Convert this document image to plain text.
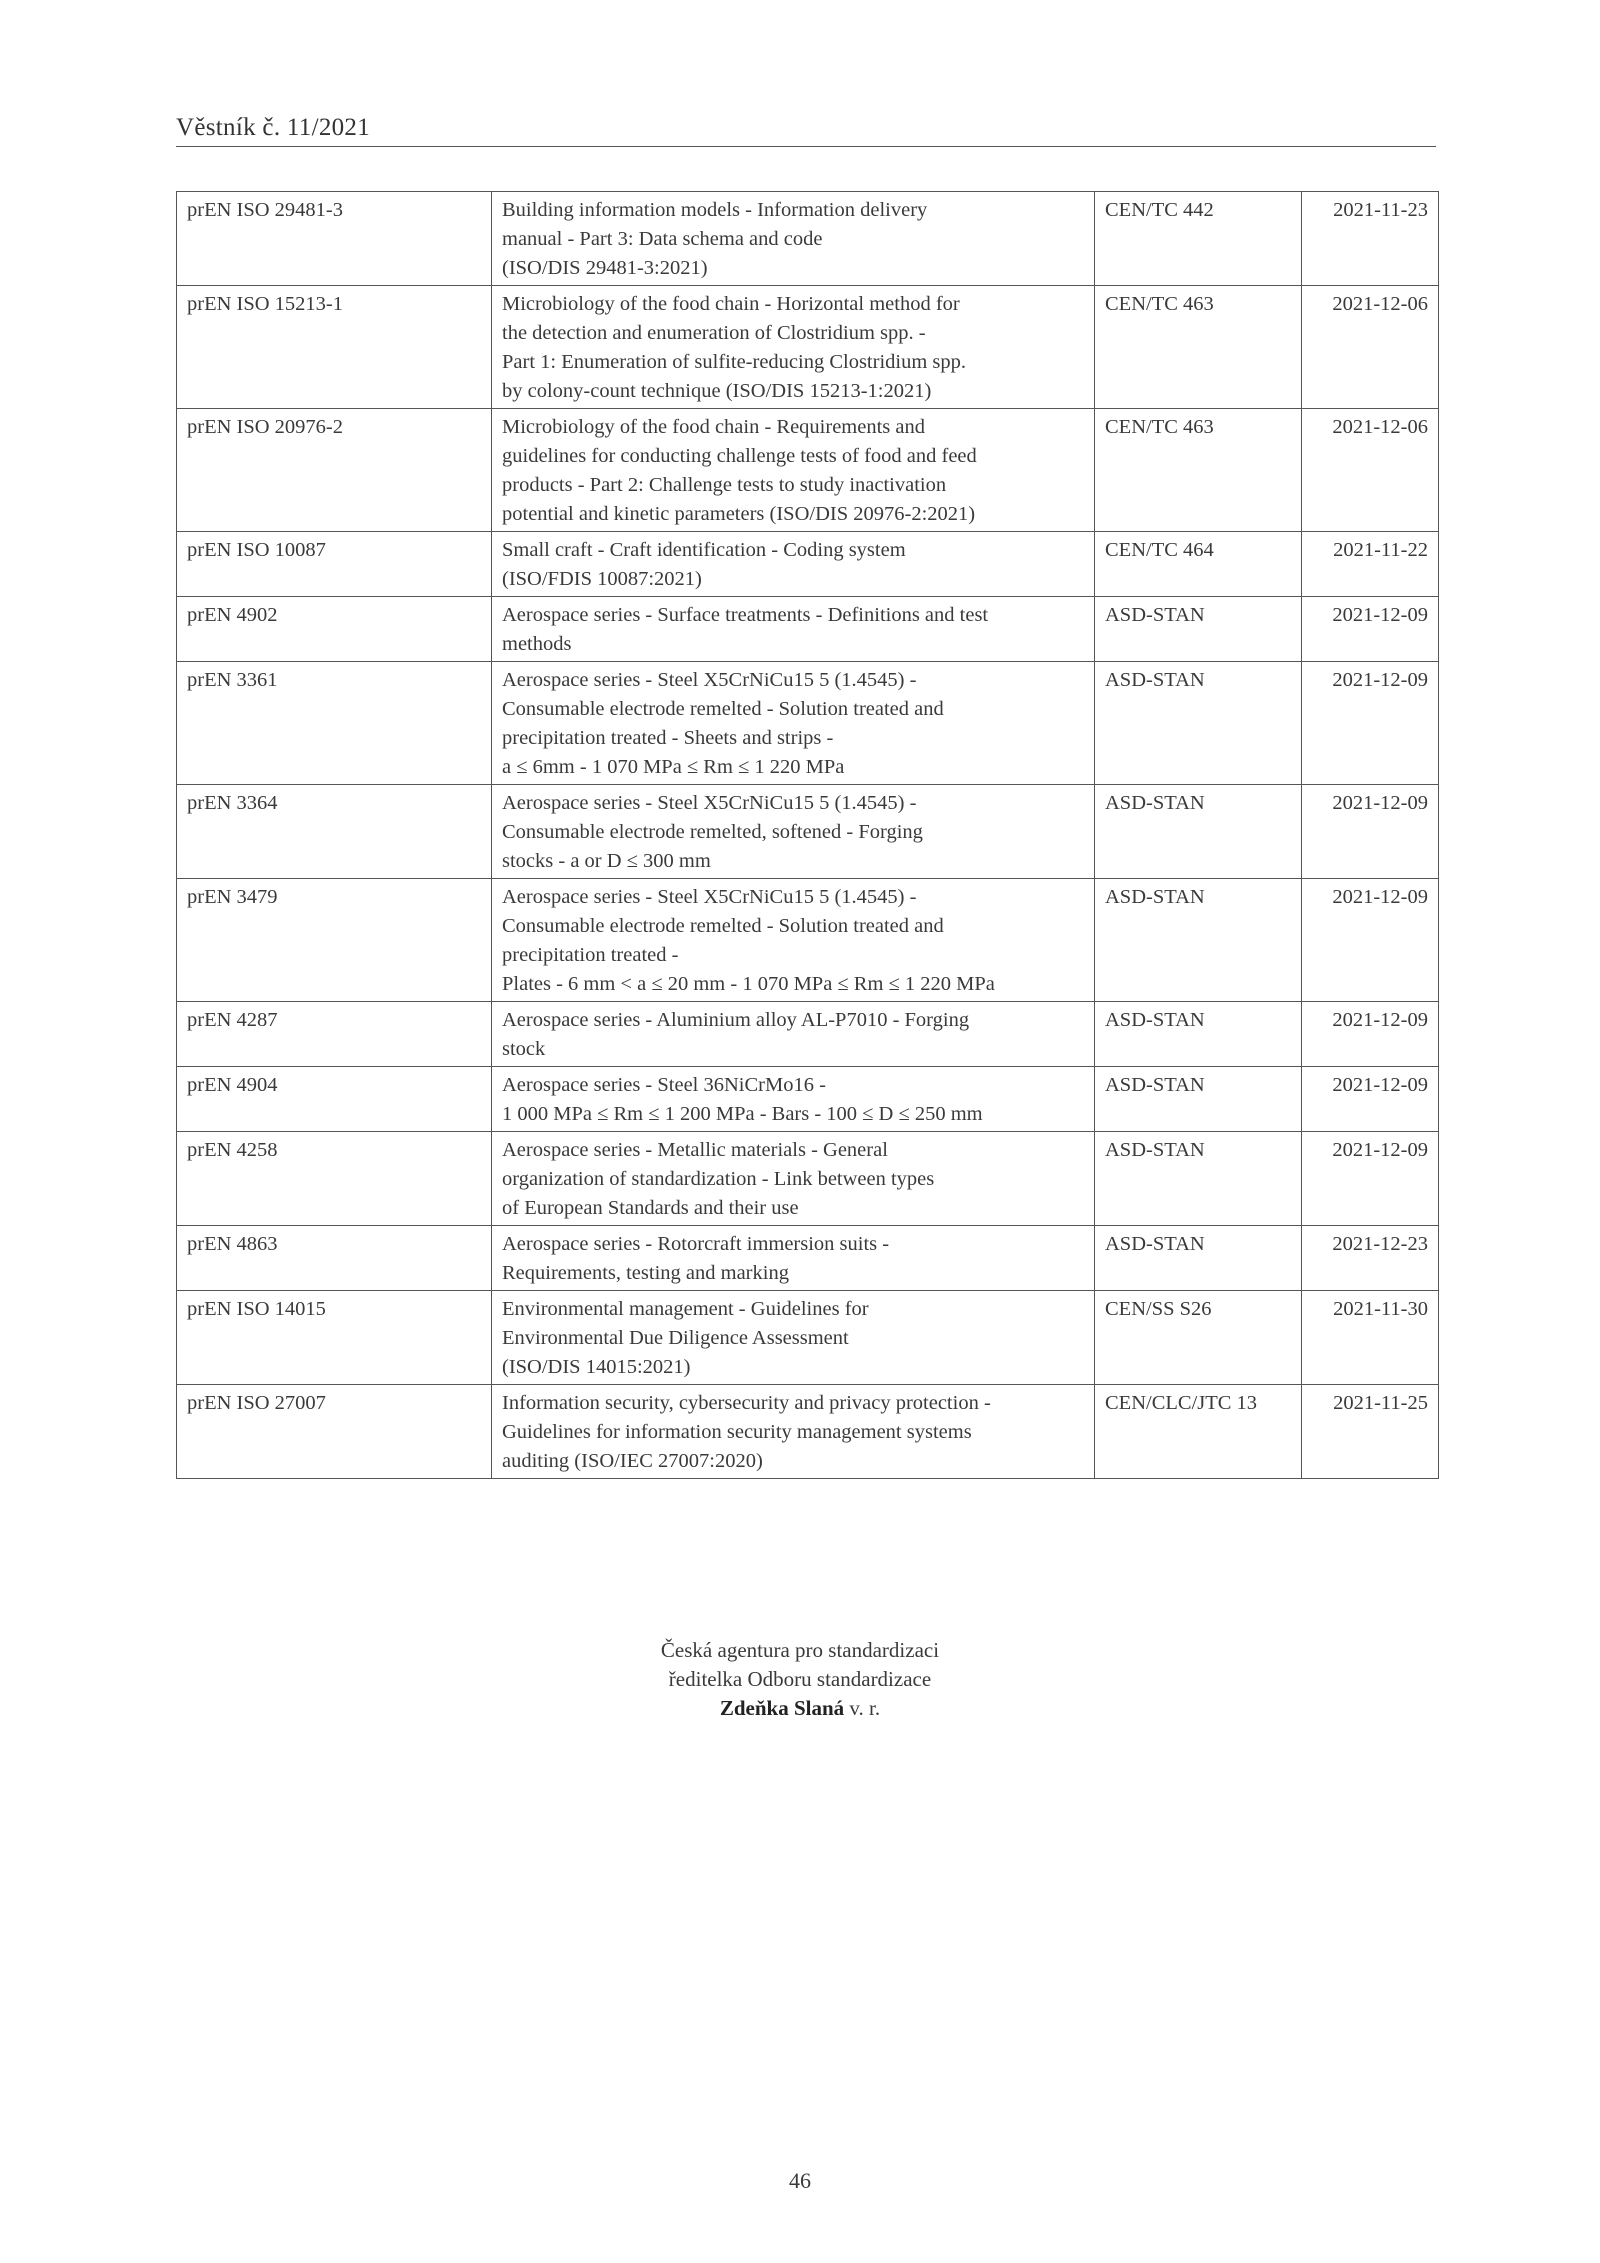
Věstník č. 11/2021
prEN ISO 29481-3	Building information models - Information delivery
manual - Part 3: Data schema and code
(ISO/DIS 29481-3:2021)	CEN/TC 442	2021-11-23
prEN ISO 15213-1	Microbiology of the food chain - Horizontal method for
the detection and enumeration of Clostridium spp. -
Part 1: Enumeration of sulfite-reducing Clostridium spp.
by colony-count technique (ISO/DIS 15213-1:2021)	CEN/TC 463	2021-12-06
prEN ISO 20976-2	Microbiology of the food chain - Requirements and
guidelines for conducting challenge tests of food and feed
products - Part 2: Challenge tests to study inactivation
potential and kinetic parameters (ISO/DIS 20976-2:2021)	CEN/TC 463	2021-12-06
prEN ISO 10087	Small craft - Craft identification - Coding system
(ISO/FDIS 10087:2021)	CEN/TC 464	2021-11-22
prEN 4902	Aerospace series - Surface treatments - Definitions and test
methods	ASD-STAN	2021-12-09
prEN 3361	Aerospace series - Steel X5CrNiCu15 5 (1.4545) -
Consumable electrode remelted - Solution treated and
precipitation treated - Sheets and strips -
a ≤ 6mm - 1 070 MPa ≤ Rm ≤ 1 220 MPa	ASD-STAN	2021-12-09
prEN 3364	Aerospace series - Steel X5CrNiCu15 5 (1.4545) -
Consumable electrode remelted, softened - Forging
stocks - a or D ≤ 300 mm	ASD-STAN	2021-12-09
prEN 3479	Aerospace series - Steel X5CrNiCu15 5 (1.4545) -
Consumable electrode remelted - Solution treated and
precipitation treated -
Plates - 6 mm < a ≤ 20 mm - 1 070 MPa ≤ Rm ≤ 1 220 MPa	ASD-STAN	2021-12-09
prEN 4287	Aerospace series - Aluminium alloy AL-P7010 - Forging
stock	ASD-STAN	2021-12-09
prEN 4904	Aerospace series - Steel 36NiCrMo16 -
1 000 MPa ≤ Rm ≤ 1 200 MPa - Bars - 100 ≤ D ≤ 250 mm	ASD-STAN	2021-12-09
prEN 4258	Aerospace series - Metallic materials - General
organization of standardization - Link between types
of European Standards and their use	ASD-STAN	2021-12-09
prEN 4863	Aerospace series - Rotorcraft immersion suits -
Requirements, testing and marking	ASD-STAN	2021-12-23
prEN ISO 14015	Environmental management - Guidelines for
Environmental Due Diligence Assessment
(ISO/DIS 14015:2021)	CEN/SS S26	2021-11-30
prEN ISO 27007	Information security, cybersecurity and privacy protection -
Guidelines for information security management systems
auditing (ISO/IEC 27007:2020)	CEN/CLC/JTC 13	2021-11-25
Česká agentura pro standardizaci
ředitelka Odboru standardizace
Zdeňka Slaná v. r.
46
